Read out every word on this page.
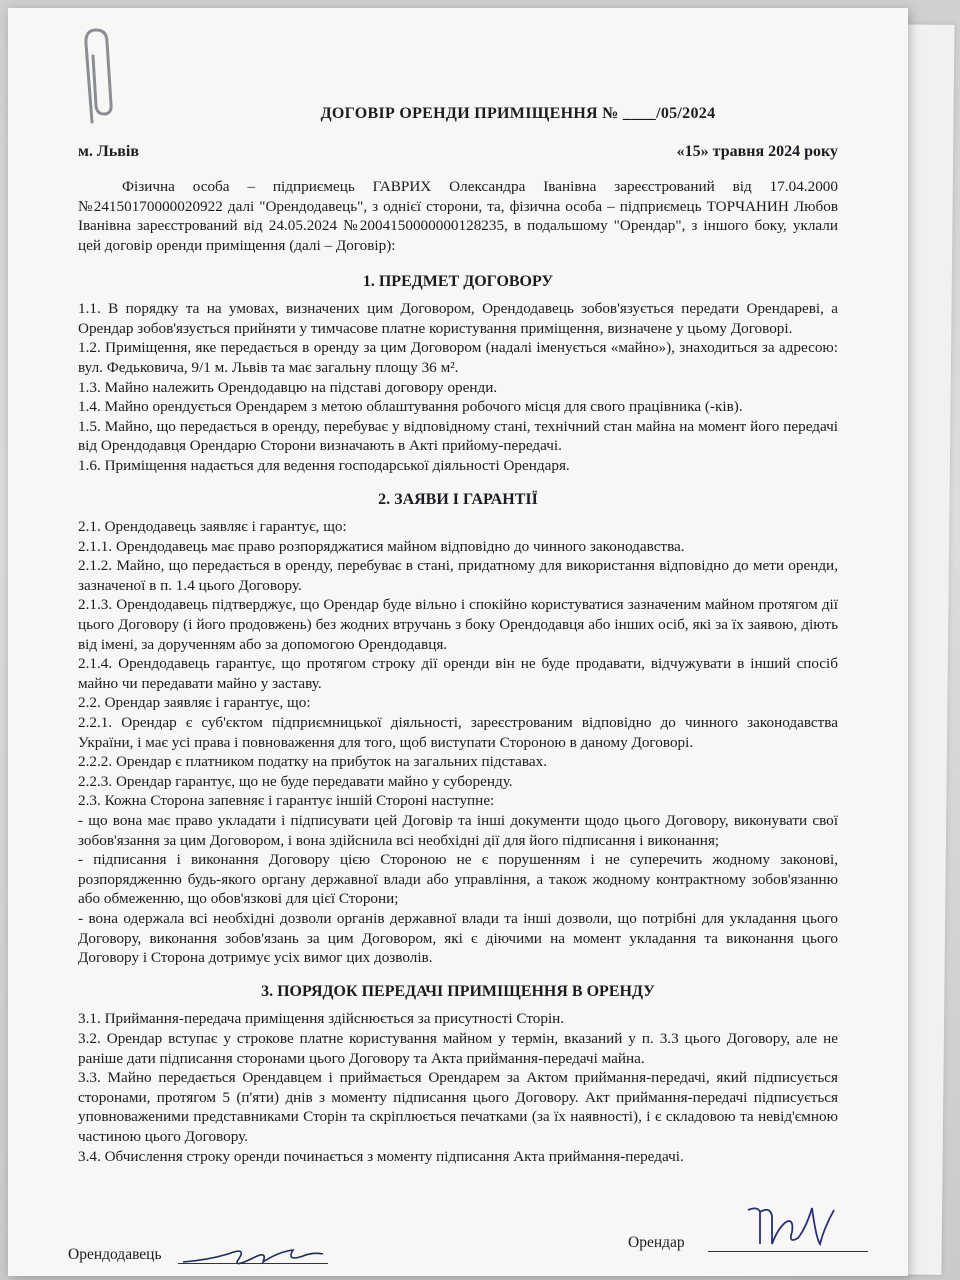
ДОГОВІР ОРЕНДИ ПРИМІЩЕННЯ № ____/05/2024
м. Львів	«15» травня 2024 року

Фізична особа – підприємець ГАВРИХ Олександра Іванівна зареєстрований від 17.04.2000 №24150170000020922 далі "Орендодавець", з однієї сторони, та, фізична особа – підприємець ТОРЧАНИН Любов Іванівна зареєстрований від 24.05.2024 №2004150000000128235, в подальшому "Орендар", з іншого боку, уклали цей договір оренди приміщення (далі – Договір):

1. ПРЕДМЕТ ДОГОВОРУ

1.1. В порядку та на умовах, визначених цим Договором, Орендодавець зобов'язується передати Орендареві, а Орендар зобов'язується прийняти у тимчасове платне користування приміщення, визначене у цьому Договорі.

1.2. Приміщення, яке передається в оренду за цим Договором (надалі іменується «майно»), знаходиться за адресою: вул. Федьковича, 9/1 м. Львів та має загальну площу 36 м².

1.3. Майно належить Орендодавцю на підставі договору оренди.

1.4. Майно орендується Орендарем з метою облаштування робочого місця для свого працівника (-ків).

1.5. Майно, що передається в оренду, перебуває у відповідному стані, технічний стан майна на момент його передачі від Орендодавця Орендарю Сторони визначають в Акті прийому-передачі.

1.6. Приміщення надається для ведення господарської діяльності Орендаря.

2. ЗАЯВИ І ГАРАНТІЇ

2.1. Орендодавець заявляє і гарантує, що:

2.1.1. Орендодавець має право розпоряджатися майном відповідно до чинного законодавства.

2.1.2. Майно, що передається в оренду, перебуває в стані, придатному для використання відповідно до мети оренди, зазначеної в п. 1.4 цього Договору.

2.1.3. Орендодавець підтверджує, що Орендар буде вільно і спокійно користуватися зазначеним майном протягом дії цього Договору (і його продовжень) без жодних втручань з боку Орендодавця або інших осіб, які за їх заявою, діють від імені, за дорученням або за допомогою Орендодавця.

2.1.4. Орендодавець гарантує, що протягом строку дії оренди він не буде продавати, відчужувати в інший спосіб майно чи передавати майно у заставу.

2.2. Орендар заявляє і гарантує, що:

2.2.1. Орендар є суб'єктом підприємницької діяльності, зареєстрованим відповідно до чинного законодавства України, і має усі права і повноваження для того, щоб виступати Стороною в даному Договорі.

2.2.2. Орендар є платником податку на прибуток на загальних підставах.

2.2.3. Орендар гарантує, що не буде передавати майно у суборенду.

2.3. Кожна Сторона запевняє і гарантує іншій Стороні наступне:

- що вона має право укладати і підписувати цей Договір та інші документи щодо цього Договору, виконувати свої зобов'язання за цим Договором, і вона здійснила всі необхідні дії для його підписання і виконання;

- підписання і виконання Договору цією Стороною не є порушенням і не суперечить жодному законові, розпорядженню будь-якого органу державної влади або управління, а також жодному контрактному зобов'язанню або обмеженню, що обов'язкові для цієї Сторони;

- вона одержала всі необхідні дозволи органів державної влади та інші дозволи, що потрібні для укладання цього Договору, виконання зобов'язань за цим Договором, які є діючими на момент укладання та виконання цього Договору і Сторона дотримує усіх вимог цих дозволів.

3. ПОРЯДОК ПЕРЕДАЧІ ПРИМІЩЕННЯ В ОРЕНДУ

3.1. Приймання-передача приміщення здійснюється за присутності Сторін.

3.2. Орендар вступає у строкове платне користування майном у термін, вказаний у п. 3.3 цього Договору, але не раніше дати підписання сторонами цього Договору та Акта приймання-передачі майна.

3.3. Майно передається Орендавцем і приймається Орендарем за Актом приймання-передачі, який підписується сторонами, протягом 5 (п'яти) днів з моменту підписання цього Договору. Акт приймання-передачі підписується уповноваженими представниками Сторін та скріплюється печатками (за їх наявності), і є складовою та невід'ємною частиною цього Договору.

3.4. Обчислення строку оренди починається з моменту підписання Акта приймання-передачі.

Орендодавець
Орендар
